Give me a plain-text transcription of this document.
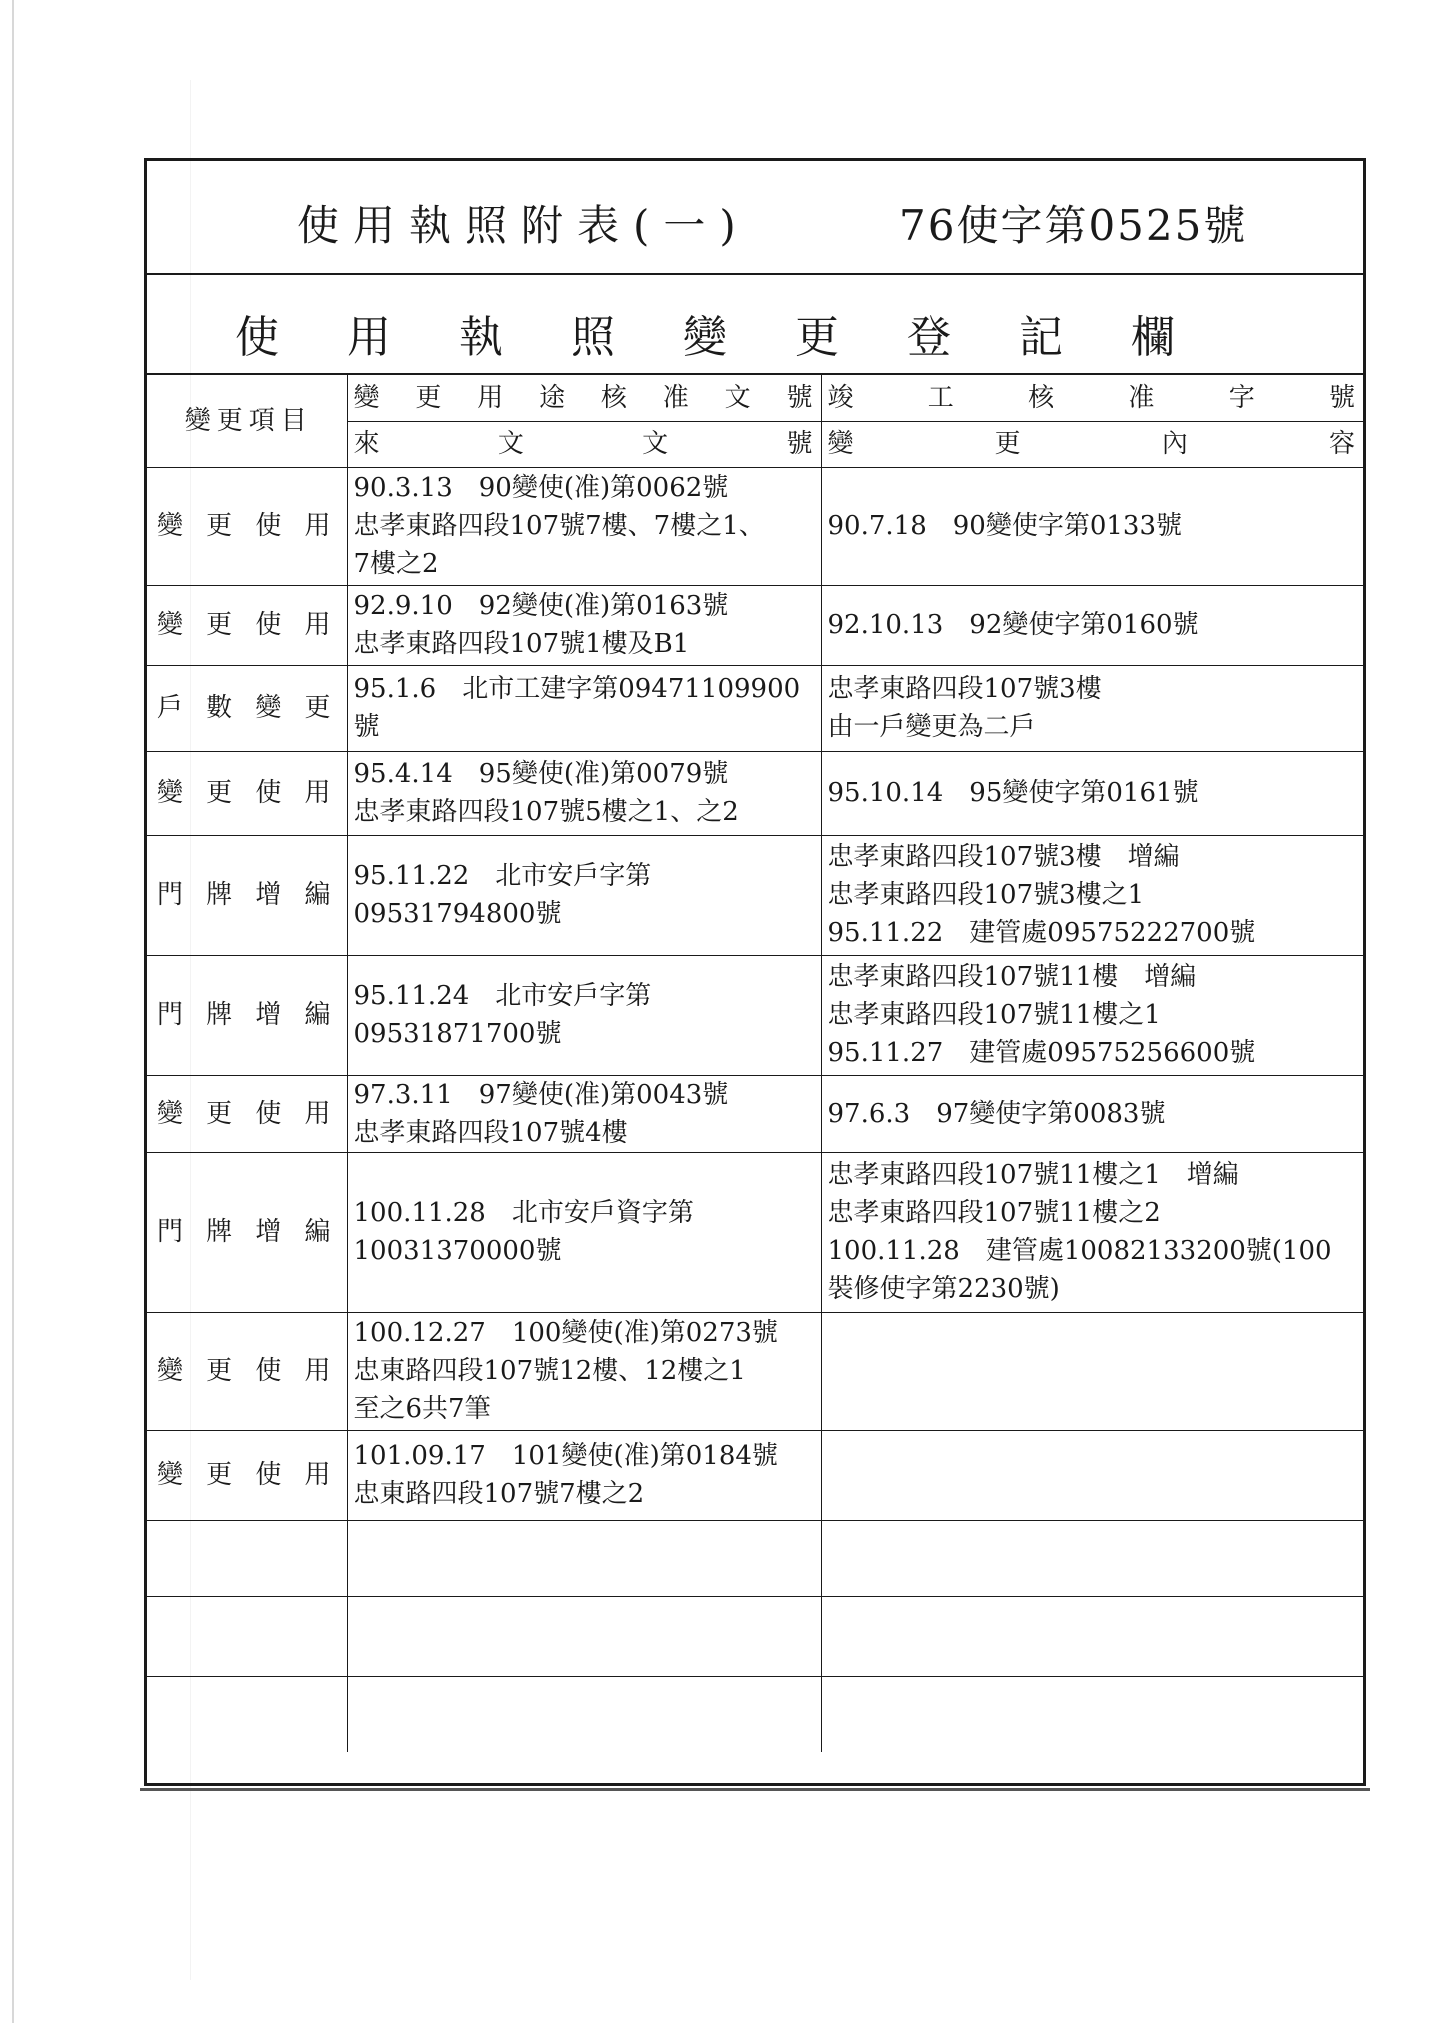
使用執照附表(一)	76使字第0525號
使用執照變更登記欄
變更項目	變更用途核准文號	竣工核准字號
	來文文號	變更內容
變更使用	90.3.13　90變使(准)第0062號
忠孝東路四段107號7樓、7樓之1、
7樓之2	90.7.18　90變使字第0133號

變更使用	92.9.10　92變使(准)第0163號
忠孝東路四段107號1樓及B1	92.10.13　92變使字第0160號

戶數變更	95.1.6　北市工建字第09471109900
號	忠孝東路四段107號3樓
由一戶變更為二戶

變更使用	95.4.14　95變使(准)第0079號
忠孝東路四段107號5樓之1、之2	95.10.14　95變使字第0161號

門牌增編	95.11.22　北市安戶字第
09531794800號	忠孝東路四段107號3樓　增編
忠孝東路四段107號3樓之1
95.11.22　建管處09575222700號

門牌增編	95.11.24　北市安戶字第
09531871700號	忠孝東路四段107號11樓　增編
忠孝東路四段107號11樓之1
95.11.27　建管處09575256600號

變更使用	97.3.11　97變使(准)第0043號
忠孝東路四段107號4樓	97.6.3　97變使字第0083號

門牌增編	100.11.28　北市安戶資字第
10031370000號	忠孝東路四段107號11樓之1　增編
忠孝東路四段107號11樓之2
100.11.28　建管處10082133200號(100
裝修使字第2230號)

變更使用	100.12.27　100變使(准)第0273號
忠東路四段107號12樓、12樓之1
至之6共7筆	

變更使用	101.09.17　101變使(准)第0184號
忠東路四段107號7樓之2	
